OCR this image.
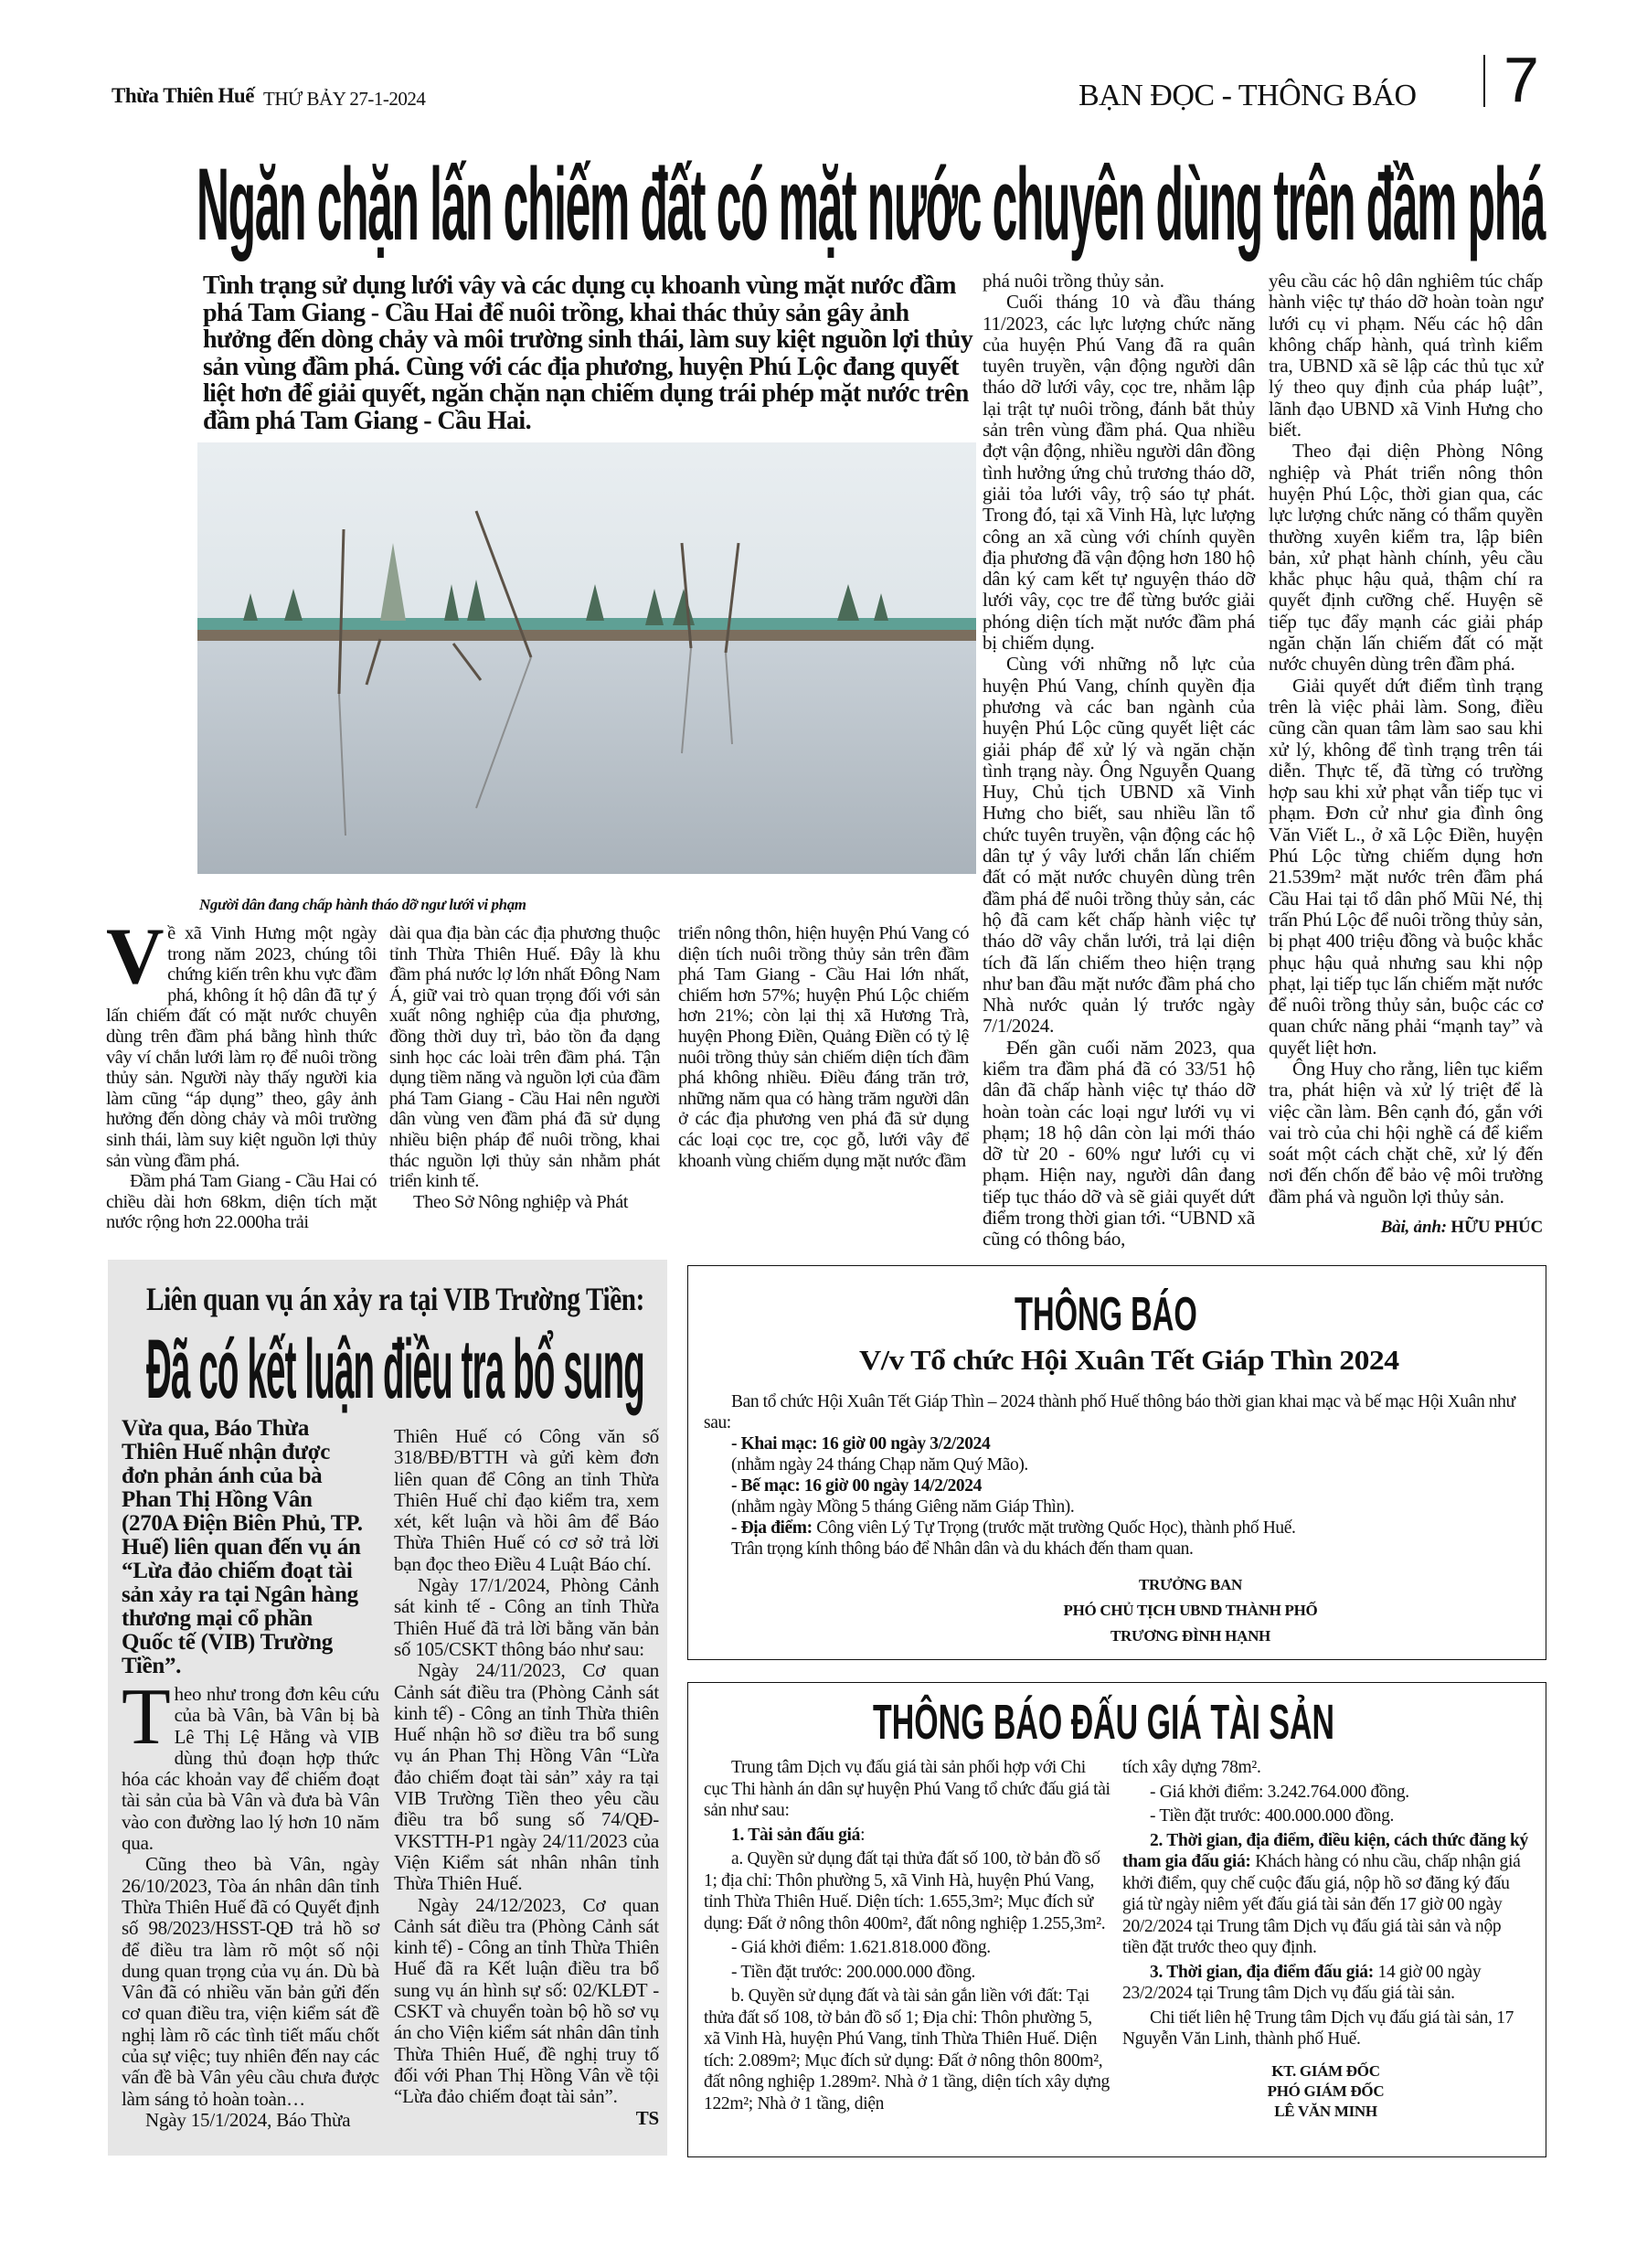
Thừa Thiên Huế THỨ BẢY 27-1-2024	BẠN ĐỌC - THÔNG BÁO 7
Ngăn chặn lấn chiếm đất có mặt nước chuyên dùng trên đầm phá
Tình trạng sử dụng lưới vây và các dụng cụ khoanh vùng mặt nước đầm phá Tam Giang - Cầu Hai để nuôi trồng, khai thác thủy sản gây ảnh hưởng đến dòng chảy và môi trường sinh thái, làm suy kiệt nguồn lợi thủy sản vùng đầm phá. Cùng với các địa phương, huyện Phú Lộc đang quyết liệt hơn để giải quyết, ngăn chặn nạn chiếm dụng trái phép mặt nước trên đầm phá Tam Giang - Cầu Hai.
Người dân đang chấp hành tháo dỡ ngư lưới vi phạm
V ề xã Vinh Hưng một ngày trong năm 2023, chúng tôi chứng kiến trên khu vực đầm phá, không ít hộ dân đã tự ý lấn chiếm đất có mặt nước chuyên dùng trên đầm phá bằng hình thức vây ví chắn lưới làm rọ để nuôi trồng thủy sản. Người này thấy người kia làm cũng “áp dụng” theo, gây ảnh hưởng đến dòng chảy và môi trường sinh thái, làm suy kiệt nguồn lợi thủy sản vùng đầm phá.

Đầm phá Tam Giang - Cầu Hai có chiều dài hơn 68km, diện tích mặt nước rộng hơn 22.000ha trải

dài qua địa bàn các địa phương thuộc tỉnh Thừa Thiên Huế. Đây là khu đầm phá nước lợ lớn nhất Đông Nam Á, giữ vai trò quan trọng đối với sản xuất nông nghiệp của địa phương, đồng thời duy trì, bảo tồn đa dạng sinh học các loài trên đầm phá. Tận dụng tiềm năng và nguồn lợi của đầm phá Tam Giang - Cầu Hai nên người dân vùng ven đầm phá đã sử dụng nhiều biện pháp để nuôi trồng, khai thác nguồn lợi thủy sản nhằm phát triển kinh tế.

Theo Sở Nông nghiệp và Phát

triển nông thôn, hiện huyện Phú Vang có diện tích nuôi trồng thủy sản trên đầm phá Tam Giang - Cầu Hai lớn nhất, chiếm hơn 57%; huyện Phú Lộc chiếm hơn 21%; còn lại thị xã Hương Trà, huyện Phong Điền, Quảng Điền có tỷ lệ nuôi trồng thủy sản chiếm diện tích đầm phá không nhiều. Điều đáng trăn trở, những năm qua có hàng trăm người dân ở các địa phương ven phá đã sử dụng các loại cọc tre, cọc gỗ, lưới vây để khoanh vùng chiếm dụng mặt nước đầm

phá nuôi trồng thủy sản.

Cuối tháng 10 và đầu tháng 11/2023, các lực lượng chức năng của huyện Phú Vang đã ra quân tuyên truyền, vận động người dân tháo dỡ lưới vây, cọc tre, nhằm lập lại trật tự nuôi trồng, đánh bắt thủy sản trên vùng đầm phá. Qua nhiều đợt vận động, nhiều người dân đồng tình hưởng ứng chủ trương tháo dỡ, giải tỏa lưới vây, trộ sáo tự phát. Trong đó, tại xã Vinh Hà, lực lượng công an xã cùng với chính quyền địa phương đã vận động hơn 180 hộ dân ký cam kết tự nguyện tháo dỡ lưới vây, cọc tre để từng bước giải phóng diện tích mặt nước đầm phá bị chiếm dụng.

Cùng với những nỗ lực của huyện Phú Vang, chính quyền địa phương và các ban ngành của huyện Phú Lộc cũng quyết liệt các giải pháp để xử lý và ngăn chặn tình trạng này. Ông Nguyễn Quang Huy, Chủ tịch UBND xã Vinh Hưng cho biết, sau nhiều lần tổ chức tuyên truyền, vận động các hộ dân tự ý vây lưới chắn lấn chiếm đất có mặt nước chuyên dùng trên đầm phá để nuôi trồng thủy sản, các hộ đã cam kết chấp hành việc tự tháo dỡ vây chắn lưới, trả lại diện tích đã lấn chiếm theo hiện trạng như ban đầu mặt nước đầm phá cho Nhà nước quản lý trước ngày 7/1/2024.

Đến gần cuối năm 2023, qua kiểm tra đầm phá đã có 33/51 hộ dân đã chấp hành việc tự tháo dỡ hoàn toàn các loại ngư lưới vụ vi phạm; 18 hộ dân còn lại mới tháo dỡ từ 20 - 60% ngư lưới cụ vi phạm. Hiện nay, người dân đang tiếp tục tháo dỡ và sẽ giải quyết dứt điểm trong thời gian tới. “UBND xã cũng có thông báo,

yêu cầu các hộ dân nghiêm túc chấp hành việc tự tháo dỡ hoàn toàn ngư lưới cụ vi phạm. Nếu các hộ dân không chấp hành, quá trình kiểm tra, UBND xã sẽ lập các thủ tục xử lý theo quy định của pháp luật”, lãnh đạo UBND xã Vinh Hưng cho biết.

Theo đại diện Phòng Nông nghiệp và Phát triển nông thôn huyện Phú Lộc, thời gian qua, các lực lượng chức năng có thẩm quyền thường xuyên kiểm tra, lập biên bản, xử phạt hành chính, yêu cầu khắc phục hậu quả, thậm chí ra quyết định cưỡng chế. Huyện sẽ tiếp tục đẩy mạnh các giải pháp ngăn chặn lấn chiếm đất có mặt nước chuyên dùng trên đầm phá.

Giải quyết dứt điểm tình trạng trên là việc phải làm. Song, điều cũng cần quan tâm làm sao sau khi xử lý, không để tình trạng trên tái diễn. Thực tế, đã từng có trường hợp sau khi xử phạt vẫn tiếp tục vi phạm. Đơn cử như gia đình ông Văn Viết L., ở xã Lộc Điền, huyện Phú Lộc từng chiếm dụng hơn 21.539m² mặt nước trên đầm phá Cầu Hai tại tổ dân phố Mũi Né, thị trấn Phú Lộc để nuôi trồng thủy sản, bị phạt 400 triệu đồng và buộc khắc phục hậu quả nhưng sau khi nộp phạt, lại tiếp tục lấn chiếm mặt nước để nuôi trồng thủy sản, buộc các cơ quan chức năng phải “mạnh tay” và quyết liệt hơn.

Ông Huy cho rằng, liên tục kiểm tra, phát hiện và xử lý triệt để là việc cần làm. Bên cạnh đó, gắn với vai trò của chi hội nghề cá để kiểm soát một cách chặt chẽ, xử lý đến nơi đến chốn để bảo vệ môi trường đầm phá và nguồn lợi thủy sản.

Bài, ảnh: HỮU PHÚC
Liên quan vụ án xảy ra tại VIB Trường Tiền:
Đã có kết luận điều tra bổ sung
Vừa qua, Báo Thừa Thiên Huế nhận được đơn phản ánh của bà Phan Thị Hồng Vân (270A Điện Biên Phủ, TP. Huế) liên quan đến vụ án “Lừa đảo chiếm đoạt tài sản xảy ra tại Ngân hàng thương mại cổ phần Quốc tế (VIB) Trường Tiền”.
T heo như trong đơn kêu cứu của bà Vân, bà Vân bị bà Lê Thị Lệ Hằng và VIB dùng thủ đoạn hợp thức hóa các khoản vay để chiếm đoạt tài sản của bà Vân và đưa bà Vân vào con đường lao lý hơn 10 năm qua.

Cũng theo bà Vân, ngày 26/10/2023, Tòa án nhân dân tỉnh Thừa Thiên Huế đã có Quyết định số 98/2023/HSST-QĐ trả hồ sơ để điều tra làm rõ một số nội dung quan trọng của vụ án. Dù bà Vân đã có nhiều văn bản gửi đến cơ quan điều tra, viện kiểm sát đề nghị làm rõ các tình tiết mấu chốt của sự việc; tuy nhiên đến nay các vấn đề bà Vân yêu cầu chưa được làm sáng tỏ hoàn toàn…

Ngày 15/1/2024, Báo Thừa

Thiên Huế có Công văn số 318/BĐ/BTTH và gửi kèm đơn liên quan để Công an tỉnh Thừa Thiên Huế chỉ đạo kiểm tra, xem xét, kết luận và hồi âm để Báo Thừa Thiên Huế có cơ sở trả lời bạn đọc theo Điều 4 Luật Báo chí.

Ngày 17/1/2024, Phòng Cảnh sát kinh tế - Công an tỉnh Thừa Thiên Huế đã trả lời bằng văn bản số 105/CSKT thông báo như sau:

Ngày 24/11/2023, Cơ quan Cảnh sát điều tra (Phòng Cảnh sát kinh tế) - Công an tỉnh Thừa thiên Huế nhận hồ sơ điều tra bổ sung vụ án Phan Thị Hồng Vân “Lừa đảo chiếm đoạt tài sản” xảy ra tại VIB Trường Tiền theo yêu cầu điều tra bổ sung số 74/QĐ-VKSTTH-P1 ngày 24/11/2023 của Viện Kiểm sát nhân nhân tỉnh Thừa Thiên Huế.

Ngày 24/12/2023, Cơ quan Cảnh sát điều tra (Phòng Cảnh sát kinh tế) - Công an tỉnh Thừa Thiên Huế đã ra Kết luận điều tra bổ sung vụ án hình sự số: 02/KLĐT - CSKT và chuyển toàn bộ hồ sơ vụ án cho Viện kiểm sát nhân dân tỉnh Thừa Thiên Huế, đề nghị truy tố đối với Phan Thị Hồng Vân về tội “Lừa đảo chiếm đoạt tài sản”.

TS
THÔNG BÁO
V/v Tổ chức Hội Xuân Tết Giáp Thìn 2024
Ban tổ chức Hội Xuân Tết Giáp Thìn – 2024 thành phố Huế thông báo thời gian khai mạc và bế mạc Hội Xuân như sau:
- Khai mạc: 16 giờ 00 ngày 3/2/2024
(nhằm ngày 24 tháng Chạp năm Quý Mão).
- Bế mạc: 16 giờ 00 ngày 14/2/2024
(nhằm ngày Mồng 5 tháng Giêng năm Giáp Thìn).
- Địa điểm: Công viên Lý Tự Trọng (trước mặt trường Quốc Học), thành phố Huế.
Trân trọng kính thông báo để Nhân dân và du khách đến tham quan.
TRƯỞNG BAN
PHÓ CHỦ TỊCH UBND THÀNH PHỐ
TRƯƠNG ĐÌNH HẠNH
THÔNG BÁO ĐẤU GIÁ TÀI SẢN

Trung tâm Dịch vụ đấu giá tài sản phối hợp với Chi cục Thi hành án dân sự huyện Phú Vang tổ chức đấu giá tài sản như sau:

1. Tài sản đấu giá:

a. Quyền sử dụng đất tại thửa đất số 100, tờ bản đồ số 1; địa chỉ: Thôn phường 5, xã Vinh Hà, huyện Phú Vang, tỉnh Thừa Thiên Huế. Diện tích: 1.655,3m²; Mục đích sử dụng: Đất ở nông thôn 400m², đất nông nghiệp 1.255,3m².

- Giá khởi điểm: 1.621.818.000 đồng.

- Tiền đặt trước: 200.000.000 đồng.

b. Quyền sử dụng đất và tài sản gắn liền với đất: Tại thửa đất số 108, tờ bản đồ số 1; Địa chỉ: Thôn phường 5, xã Vinh Hà, huyện Phú Vang, tỉnh Thừa Thiên Huế. Diện tích: 2.089m²; Mục đích sử dụng: Đất ở nông thôn 800m², đất nông nghiệp 1.289m². Nhà ở 1 tầng, diện tích xây dựng 122m²; Nhà ở 1 tầng, diện

tích xây dựng 78m².

- Giá khởi điểm: 3.242.764.000 đồng.

- Tiền đặt trước: 400.000.000 đồng.

2. Thời gian, địa điểm, điều kiện, cách thức đăng ký tham gia đấu giá: Khách hàng có nhu cầu, chấp nhận giá khởi điểm, quy chế cuộc đấu giá, nộp hồ sơ đăng ký đấu giá từ ngày niêm yết đấu giá tài sản đến 17 giờ 00 ngày 20/2/2024 tại Trung tâm Dịch vụ đấu giá tài sản và nộp tiền đặt trước theo quy định.

3. Thời gian, địa điểm đấu giá: 14 giờ 00 ngày 23/2/2024 tại Trung tâm Dịch vụ đấu giá tài sản.

Chi tiết liên hệ Trung tâm Dịch vụ đấu giá tài sản, 17 Nguyễn Văn Linh, thành phố Huế.

KT. GIÁM ĐỐC
PHÓ GIÁM ĐỐC
LÊ VĂN MINH
